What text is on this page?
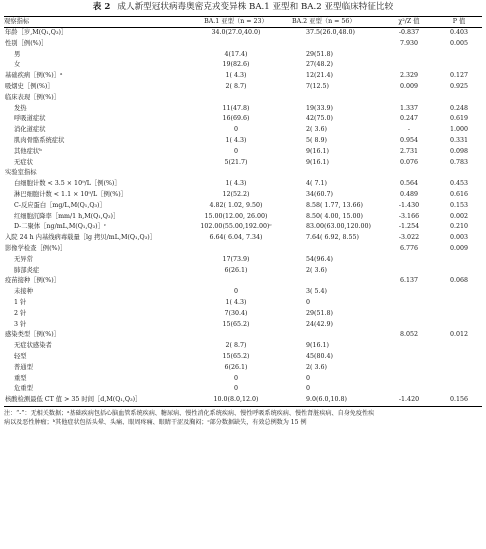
表 2 成人新型冠状病毒奥密克戎变异株 BA.1 亚型和 BA.2 亚型临床特征比较
观察指标	BA.1 亚型（n = 23）	BA.2 亚型（n = 56）	χ²/Z 值	P 值
年龄［岁,M(Q₁,Q₃)］	34.0(27.0,40.0)	37.5(26.0,48.0)	-0.837	0.403
性别［例(%)］			7.930	0.005
男	4(17.4)	29(51.8)		
女	19(82.6)	27(48.2)		
基础疾病［例(%)］ᵃ	1( 4.3)	12(21.4)	2.329	0.127
吸烟史［例(%)］	2( 8.7)	7(12.5)	0.009	0.925
临床表现［例(%)］				
发热	11(47.8)	19(33.9)	1.337	0.248
呼吸道症状	16(69.6)	42(75.0)	0.247	0.619
消化道症状	0	2( 3.6)	-	1.000
肌肉骨骼系统症状	1( 4.3)	5( 8.9)	0.954	0.331
其他症状ᵇ	0	9(16.1)	2.731	0.098
无症状	5(21.7)	9(16.1)	0.076	0.783
实验室指标				
白细胞计数 < 3.5 × 10⁹/L［例(%)］	1( 4.3)	4( 7.1)	0.564	0.453
淋巴细胞计数 < 1.1 × 10⁹/L［例(%)］	12(52.2)	34(60.7)	0.489	0.616
C-反应蛋白［mg/L,M(Q₁,Q₃)］	4.82( 1.02, 9.50)	8.58( 1.77, 13.66)	-1.430	0.153
红细胞沉降率［mm/1 h,M(Q₁,Q₃)］	15.00(12.00, 26.00)	8.50( 4.00, 15.00)	-3.166	0.002
D-二聚体［ng/mL,M(Q₁,Q₃)］ᶜ	102.00(55.00,192.00)ᶜ	83.00(63.00,120.00)	-1.254	0.210
入院 24 h 内基线病毒载量［lg 拷贝/mL,M(Q₁,Q₃)］	6.64( 6.04, 7.34)	7.64( 6.92, 8.55)	-3.022	0.003
影像学检查［例(%)］			6.776	0.009
无异常	17(73.9)	54(96.4)		
肺部炎症	6(26.1)	2( 3.6)		
疫苗接种［例(%)］			6.137	0.068
未接种	0	3( 5.4)		
1 针	1( 4.3)	0		
2 针	7(30.4)	29(51.8)		
3 针	15(65.2)	24(42.9)		
感染类型［例(%)］			8.052	0.012
无症状感染者	2( 8.7)	9(16.1)		
轻型	15(65.2)	45(80.4)		
普通型	6(26.1)	2( 3.6)		
重型	0	0		
危重型	0	0		
核酸检测最低 CT 值 > 35 时间［d,M(Q₁,Q₃)］	10.0(8.0,12.0)	9.0(6.0,10.8)	-1.420	0.156
注：“-”：无相关数据；ᵃ基础疾病包括心脑血管系统疾病、糖尿病、慢性消化系统疾病、慢性呼吸系统疾病、慢性肾脏疾病、自身免疫性疾
病以及恶性肿瘤；ᵇ其他症状包括头晕、头痛、眼周疼痛、眼睛干涩及胸闷；ᶜ部分数据缺失，有效总例数为 15 例
